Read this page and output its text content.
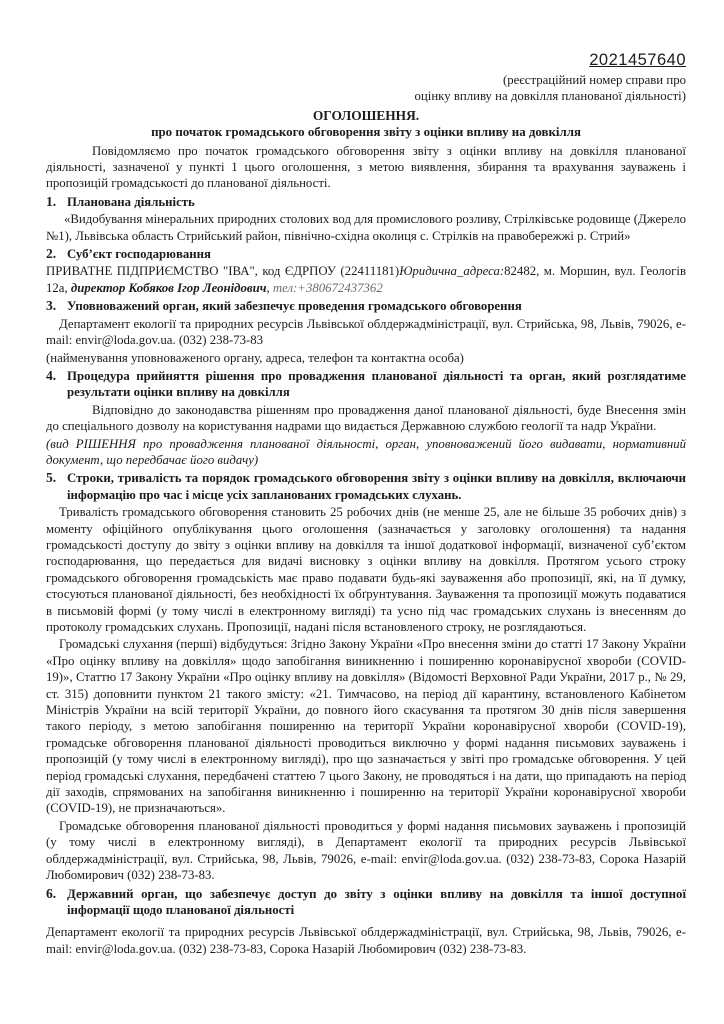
2021457640

(реєстраційний номер справи про

оцінку впливу на довкілля планованої діяльності)

ОГОЛОШЕННЯ.

про початок громадського обговорення звіту з оцінки впливу на довкілля

Повідомляємо про початок громадського обговорення звіту з оцінки впливу на довкілля планованої діяльності, зазначеної у пункті 1 цього оголошення, з метою виявлення, збирання та врахування зауважень і пропозицій громадськості до планованої діяльності.

1. Планована діяльність

«Видобування мінеральних природних столових вод для промислового розливу, Стрілківське родовище (Джерело №1), Львівська область Стрийський район, північно-східна околиця с. Стрілків на правобережжі р. Стрий»

2. Суб’єкт господарювання

ПРИВАТНЕ ПІДПРИЄМСТВО "ІВА", код ЄДРПОУ (22411181)Юридична_адреса:82482, м. Моршин, вул. Геологів 12а, директор Кобяков Ігор Леонідович, тел:+380672437362

3. Уповноважений орган, який забезпечує проведення громадського обговорення

Департамент екології та природних ресурсів Львівської облдержадміністрації, вул. Стрийська, 98, Львів, 79026, e-mail: envir@loda.gov.ua. (032) 238-73-83

(найменування уповноваженого органу, адреса, телефон та контактна особа)

4. Процедура прийняття рішення про провадження планованої діяльності та орган, який розглядатиме результати оцінки впливу на довкілля

Відповідно до законодавства рішенням про провадження даної планованої діяльності, буде Внесення змін до спеціального дозволу на користування надрами що видається Державною службою геології та надр України.

(вид РІШЕННЯ про провадження планованої діяльності, орган, уповноважений його видавати, нормативний документ, що передбачає його видачу)

5. Строки, тривалість та порядок громадського обговорення звіту з оцінки впливу на довкілля, включаючи інформацію про час і місце усіх запланованих громадських слухань.

Тривалість громадського обговорення становить 25 робочих днів (не менше 25, але не більше 35 робочих днів) з моменту офіційного опублікування цього оголошення (зазначається у заголовку оголошення) та надання громадськості доступу до звіту з оцінки впливу на довкілля та іншої додаткової інформації, визначеної суб’єктом господарювання, що передається для видачі висновку з оцінки впливу на довкілля. Протягом усього строку громадського обговорення громадськість має право подавати будь-які зауваження або пропозиції, які, на її думку, стосуються планованої діяльності, без необхідності їх обґрунтування. Зауваження та пропозиції можуть подаватися в письмовій формі (у тому числі в електронному вигляді) та усно під час громадських слухань із внесенням до протоколу громадських слухань. Пропозиції, надані після встановленого строку, не розглядаються.

Громадські слухання (перші) відбудуться: Згідно Закону України «Про внесення зміни до статті 17 Закону України «Про оцінку впливу на довкілля» щодо запобігання виникненню і поширенню коронавірусної хвороби (COVID-19)», Статтю 17 Закону України «Про оцінку впливу на довкілля» (Відомості Верховної Ради України, 2017 р., № 29, ст. 315) доповнити пунктом 21 такого змісту: «21. Тимчасово, на період дії карантину, встановленого Кабінетом Міністрів України на всій території України, до повного його скасування та протягом 30 днів після завершення такого періоду, з метою запобігання поширенню на території України коронавірусної хвороби (COVID-19), громадське обговорення планованої діяльності проводиться виключно у формі надання письмових зауважень і пропозицій (у тому числі в електронному вигляді), про що зазначається у звіті про громадське обговорення. У цей період громадські слухання, передбачені статтею 7 цього Закону, не проводяться і на дати, що припадають на період дії заходів, спрямованих на запобігання виникненню і поширенню на території України коронавірусної хвороби (COVID-19), не призначаються».

Громадське обговорення планованої діяльності проводиться у формі надання письмових зауважень і пропозицій (у тому числі в електронному вигляді), в Департамент екології та природних ресурсів Львівської облдержадміністрації, вул. Стрийська, 98, Львів, 79026, e-mail: envir@loda.gov.ua. (032) 238-73-83, Сорока Назарій Любомирович (032) 238-73-83.

6. Державний орган, що забезпечує доступ до звіту з оцінки впливу на довкілля та іншої доступної інформації щодо планованої діяльності

Департамент екології та природних ресурсів Львівської облдержадміністрації, вул. Стрийська, 98, Львів, 79026, e-mail: envir@loda.gov.ua. (032) 238-73-83, Сорока Назарій Любомирович (032) 238-73-83.
